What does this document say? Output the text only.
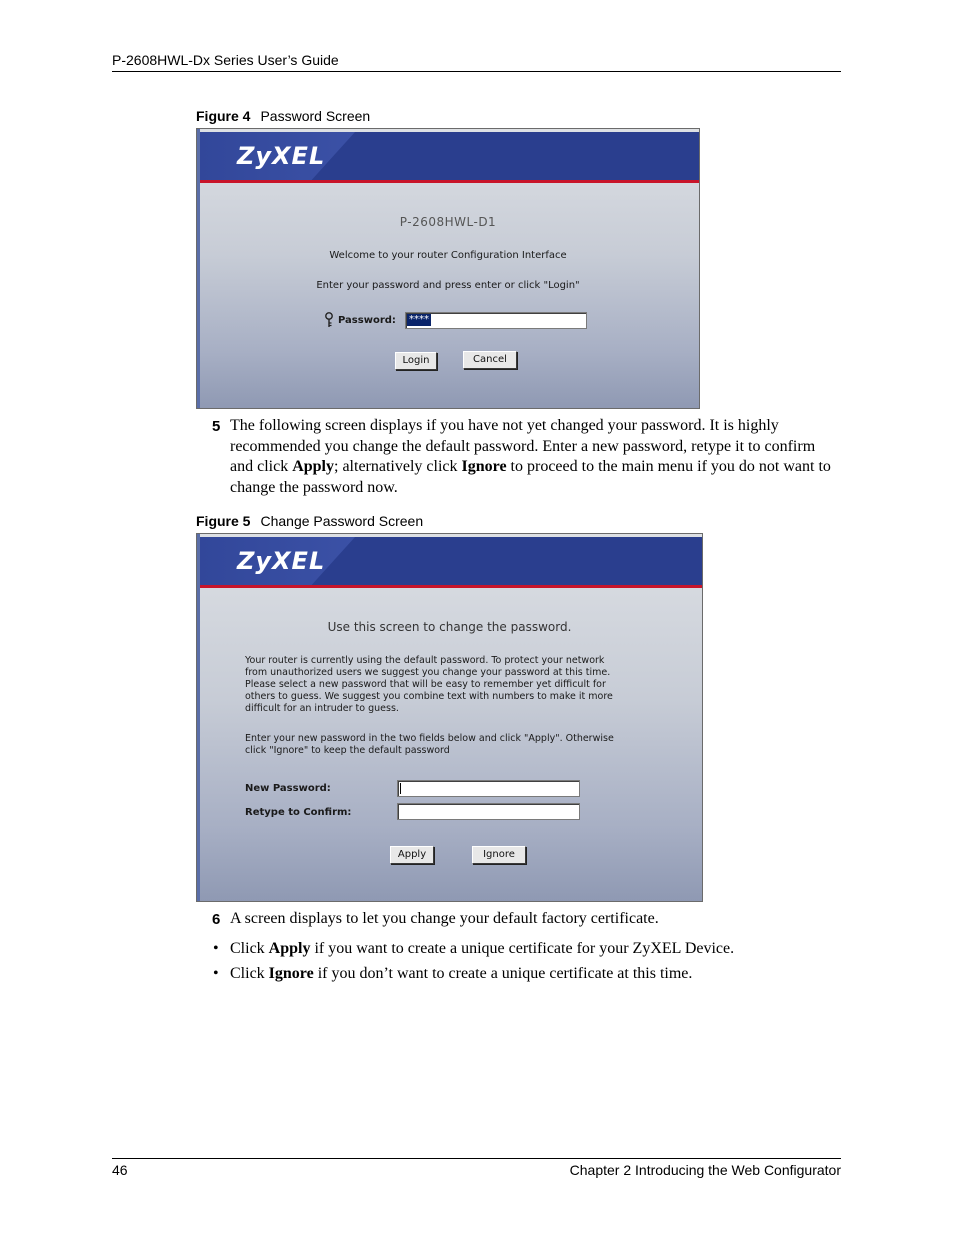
P-2608HWL-Dx Series User’s Guide
Figure 4 Password Screen
ZyXEL
P-2608HWL-D1
Welcome to your router Configuration Interface
Enter your password and press enter or click "Login"
Password: ****
Login	Cancel
5 The following screen displays if you have not yet changed your password. It is highly recommended you change the default password. Enter a new password, retype it to confirm and click Apply; alternatively click Ignore to proceed to the main menu if you do not want to change the password now.
Figure 5 Change Password Screen
ZyXEL
Use this screen to change the password.
Your router is currently using the default password. To protect your network
from unauthorized users we suggest you change your password at this time.
Please select a new password that will be easy to remember yet difficult for
others to guess. We suggest you combine text with numbers to make it more
difficult for an intruder to guess.
Enter your new password in the two fields below and click "Apply". Otherwise
click "Ignore" to keep the default password
New Password:
Retype to Confirm:
Apply	Ignore
6 A screen displays to let you change your default factory certificate.
• Click Apply if you want to create a unique certificate for your ZyXEL Device.
• Click Ignore if you don’t want to create a unique certificate at this time.
46	Chapter 2 Introducing the Web Configurator
